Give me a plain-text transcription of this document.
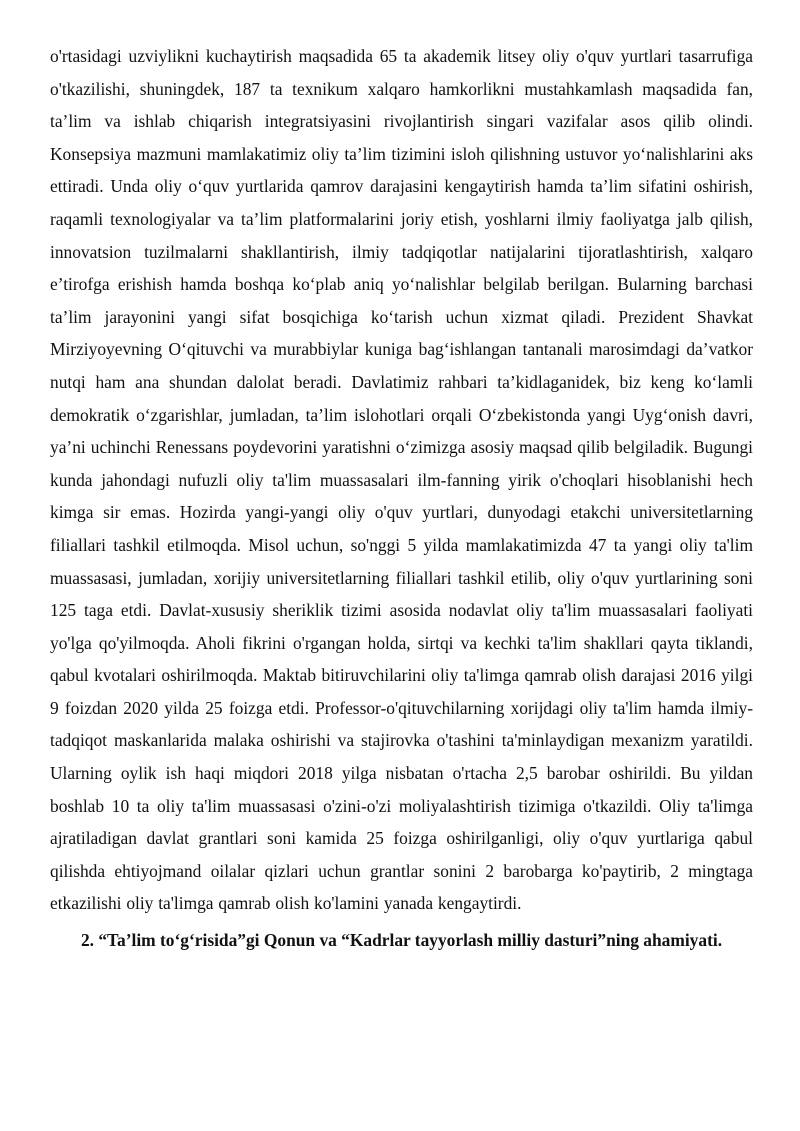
o'rtasidagi uzviylikni kuchaytirish maqsadida 65 ta akademik litsey oliy o'quv yurtlari tasarrufiga o'tkazilishi, shuningdek, 187 ta texnikum xalqaro hamkorlikni mustahkamlash maqsadida fan, ta’lim va ishlab chiqarish integratsiyasini rivojlantirish singari vazifalar asos qilib olindi. Konsepsiya mazmuni mamlakatimiz oliy ta’lim tizimini isloh qilishning ustuvor yo‘nalishlarini aks ettiradi. Unda oliy o‘quv yurtlarida qamrov darajasini kengaytirish hamda ta’lim sifatini oshirish, raqamli texnologiyalar va ta’lim platformalarini joriy etish, yoshlarni ilmiy faoliyatga jalb qilish, innovatsion tuzilmalarni shakllantirish, ilmiy tadqiqotlar natijalarini tijoratlashtirish, xalqaro e’tirofga erishish hamda boshqa ko‘plab aniq yo‘nalishlar belgilab berilgan. Bularning barchasi ta’lim jarayonini yangi sifat bosqichiga ko‘tarish uchun xizmat qiladi. Prezident Shavkat Mirziyoyevning O‘qituvchi va murabbiylar kuniga bag‘ishlangan tantanali marosimdagi da’vatkor nutqi ham ana shundan dalolat beradi. Davlatimiz rahbari ta’kidlaganidek, biz keng ko‘lamli demokratik o‘zgarishlar, jumladan, ta’lim islohotlari orqali O‘zbekistonda yangi Uyg‘onish davri, ya’ni uchinchi Renessans poydevorini yaratishni o‘zimizga asosiy maqsad qilib belgiladik. Bugungi kunda jahondagi nufuzli oliy ta'lim muassasalari ilm-fanning yirik o'choqlari hisoblanishi hech kimga sir emas. Hozirda yangi-yangi oliy o'quv yurtlari, dunyodagi etakchi universitetlarning filiallari tashkil etilmoqda. Misol uchun, so'nggi 5 yilda mamlakatimizda 47 ta yangi oliy ta'lim muassasasi, jumladan, xorijiy universitetlarning filiallari tashkil etilib, oliy o'quv yurtlarining soni 125 taga etdi. Davlat-xususiy sheriklik tizimi asosida nodavlat oliy ta'lim muassasalari faoliyati yo'lga qo'yilmoqda. Aholi fikrini o'rgangan holda, sirtqi va kechki ta'lim shakllari qayta tiklandi, qabul kvotalari oshirilmoqda. Maktab bitiruvchilarini oliy ta'limga qamrab olish darajasi 2016 yilgi 9 foizdan 2020 yilda 25 foizga etdi. Professor-o'qituvchilarning xorijdagi oliy ta'lim hamda ilmiy-tadqiqot maskanlarida malaka oshirishi va stajirovka o'tashini ta'minlaydigan mexanizm yaratildi. Ularning oylik ish haqi miqdori 2018 yilga nisbatan o'rtacha 2,5 barobar oshirildi. Bu yildan boshlab 10 ta oliy ta'lim muassasasi o'zini-o'zi moliyalashtirish tizimiga o'tkazildi. Oliy ta'limga ajratiladigan davlat grantlari soni kamida 25 foizga oshirilganligi, oliy o'quv yurtlariga qabul qilishda ehtiyojmand oilalar qizlari uchun grantlar sonini 2 barobarga ko'paytirib, 2 mingtaga etkazilishi oliy ta'limga qamrab olish ko'lamini yanada kengaytirdi.

2. “Ta’lim to‘g‘risida”gi Qonun va “Kadrlar tayyorlash milliy dasturi”ning ahamiyati.
